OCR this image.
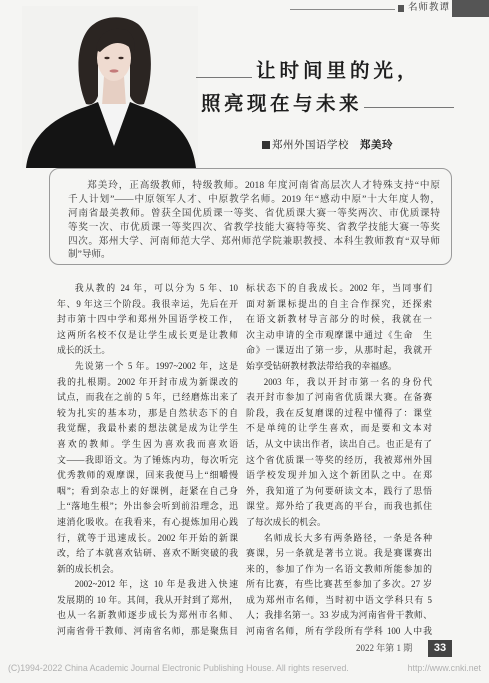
名师教谭
让时间里的光，
照亮现在与未来
郑州外国语学校 郑美玲
郑美玲，正高级教师，特级教师。2018 年度河南省高层次人才特殊支持“中原
千人计划”——中原领军人才、中原教学名师。2019 年“感动中原”十大年度人物，
河南省最美教师。曾获全国优质课一等奖、省优质课大赛一等奖两次、市优质课特
等奖一次、市优质课一等奖四次、省教学技能大赛特等奖、省教学技能大赛一等奖
四次。郑州大学、河南师范大学、郑州师范学院兼职教授、本科生教师教育“双导师
制”导师。
我从教的 24 年，可以分为 5 年、10
年、9 年这三个阶段。我很幸运，先后在开
封市第十四中学和郑州外国语学校工作，
这两所名校不仅是让学生成长更是让教师
成长的沃土。
先说第一个 5 年。1997~2002 年，这是
我的扎根期。2002 年开封市成为新课改的
试点，而我在之前的 5 年，已经磨炼出来了
较为扎实的基本功，那是自然状态下的自
我觉醒，我最朴素的想法就是成为让学生
喜欢的教师。学生因为喜欢我而喜欢语
文——我即语文。为了锤炼内功，每次听完
优秀教师的观摩课，回来我便马上“细嚼慢
咽”；看到杂志上的好课例，赶紧在自己身
上“落地生根”；外出参会听到前沿理念，迅
速消化吸收。在我看来，有心提炼加用心践
行，就等于迅速成长。2002 年开始的新课
改，给了本就喜欢钻研、喜欢不断突破的我
新的成长机会。
2002~2012 年，这 10 年是我进入快速
发展期的 10 年。其间，我从开封到了郑州，
也从一名新教师逐步成长为郑州市名师、
河南省骨干教师、河南省名师，那是聚焦目
标状态下的自我成长。2002 年，当同事们
面对新课标提出的自主合作探究，还探索
在语文新教材导言部分的时候，我就在一
次主动申请的全市观摩课中通过《生命　生
命》一课迈出了第一步，从那时起，我就开
始享受钻研教材教法带给我的幸福感。
2003 年，我以开封市第一名的身份代
表开封市参加了河南省优质课大赛。在备赛
阶段，我在反复磨课的过程中懂得了：课堂
不是单纯的让学生喜欢，而是要和文本对
话，从文中读出作者，读出自己。也正是有了
这个省优质课一等奖的经历，我被郑州外国
语学校发现并加入这个新团队之中。在郑
外，我知道了为何要研读文本，践行了思悟
课堂。郑外给了我更高的平台，而我也抓住
了每次成长的机会。
名师成长大多有两条路径，一条是各种
赛课，另一条就是著书立说。我是赛课赛出
来的，参加了作为一名语文教师所能参加的
所有比赛，有些比赛甚至参加了多次。27 岁
成为郑州市名师，当时初中语文学科只有 5
人；我排名第一。33 岁成为河南省骨干教师、
河南省名师，所有学段所有学科 100 人中我
2022 年第 1 期	33
(C)1994-2022 China Academic Journal Electronic Publishing House. All rights reserved.	http://www.cnki.net
